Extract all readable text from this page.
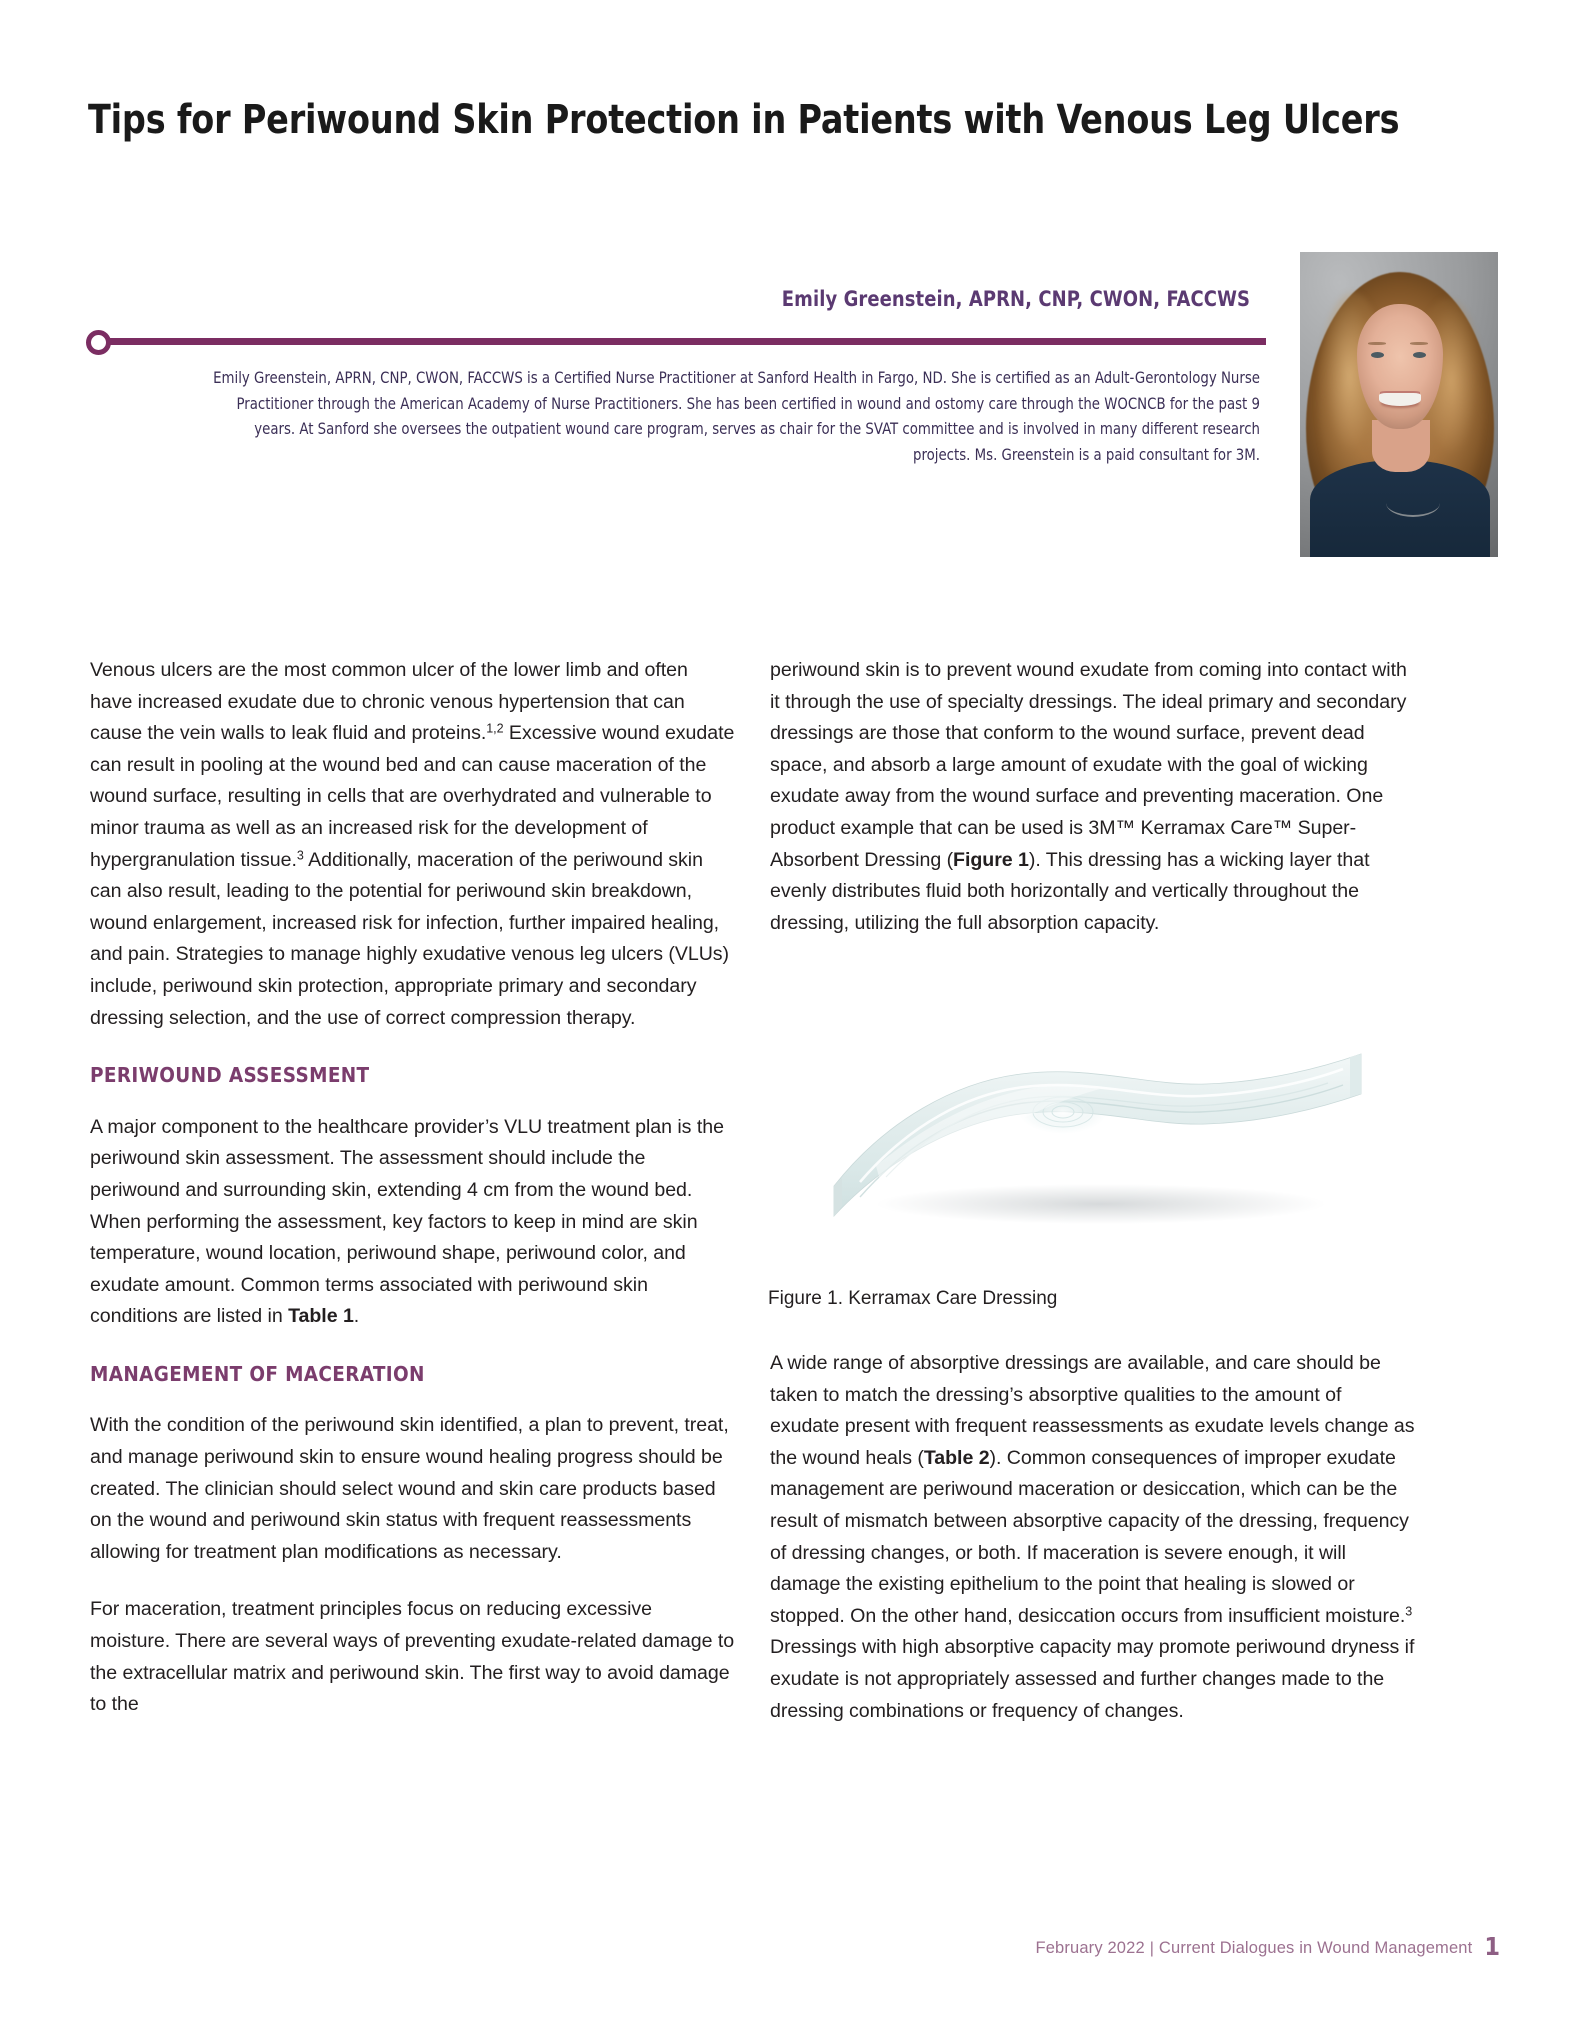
Tips for Periwound Skin Protection in Patients with Venous Leg Ulcers
Emily Greenstein, APRN, CNP, CWON, FACCWS
Emily Greenstein, APRN, CNP, CWON, FACCWS is a Certified Nurse Practitioner at Sanford Health in Fargo, ND. She is certified as an Adult-Gerontology Nurse Practitioner through the American Academy of Nurse Practitioners. She has been certified in wound and ostomy care through the WOCNCB for the past 9 years. At Sanford she oversees the outpatient wound care program, serves as chair for the SVAT committee and is involved in many different research projects. Ms. Greenstein is a paid consultant for 3M.

Venous ulcers are the most common ulcer of the lower limb and often have increased exudate due to chronic venous hypertension that can cause the vein walls to leak fluid and proteins.$^{1,2}$ Excessive wound exudate can result in pooling at the wound bed and can cause maceration of the wound surface, resulting in cells that are overhydrated and vulnerable to minor trauma as well as an increased risk for the development of hypergranulation tissue.$^3$ Additionally, maceration of the periwound skin can also result, leading to the potential for periwound skin breakdown, wound enlargement, increased risk for infection, further impaired healing, and pain. Strategies to manage highly exudative venous leg ulcers (VLUs) include, periwound skin protection, appropriate primary and secondary dressing selection, and the use of correct compression therapy.

PERIWOUND ASSESSMENT

A major component to the healthcare provider’s VLU treatment plan is the periwound skin assessment. The assessment should include the periwound and surrounding skin, extending 4 cm from the wound bed. When performing the assessment, key factors to keep in mind are skin temperature, wound location, periwound shape, periwound color, and exudate amount. Common terms associated with periwound skin conditions are listed in Table 1.

MANAGEMENT OF MACERATION

With the condition of the periwound skin identified, a plan to prevent, treat, and manage periwound skin to ensure wound healing progress should be created. The clinician should select wound and skin care products based on the wound and periwound skin status with frequent reassessments allowing for treatment plan modifications as necessary.

For maceration, treatment principles focus on reducing excessive moisture. There are several ways of preventing exudate-related damage to the extracellular matrix and periwound skin. The first way to avoid damage to the

periwound skin is to prevent wound exudate from coming into contact with it through the use of specialty dressings. The ideal primary and secondary dressings are those that conform to the wound surface, prevent dead space, and absorb a large amount of exudate with the goal of wicking exudate away from the wound surface and preventing maceration. One product example that can be used is 3M™ Kerramax Care™ Super-Absorbent Dressing (Figure 1). This dressing has a wicking layer that evenly distributes fluid both horizontally and vertically throughout the dressing, utilizing the full absorption capacity.

Figure 1. Kerramax Care Dressing

A wide range of absorptive dressings are available, and care should be taken to match the dressing’s absorptive qualities to the amount of exudate present with frequent reassessments as exudate levels change as the wound heals (Table 2). Common consequences of improper exudate management are periwound maceration or desiccation, which can be the result of mismatch between absorptive capacity of the dressing, frequency of dressing changes, or both. If maceration is severe enough, it will damage the existing epithelium to the point that healing is slowed or stopped. On the other hand, desiccation occurs from insufficient moisture.$^3$ Dressings with high absorptive capacity may promote periwound dryness if exudate is not appropriately assessed and further changes made to the dressing combinations or frequency of changes.

February 2022 | Current Dialogues in Wound Management 1
